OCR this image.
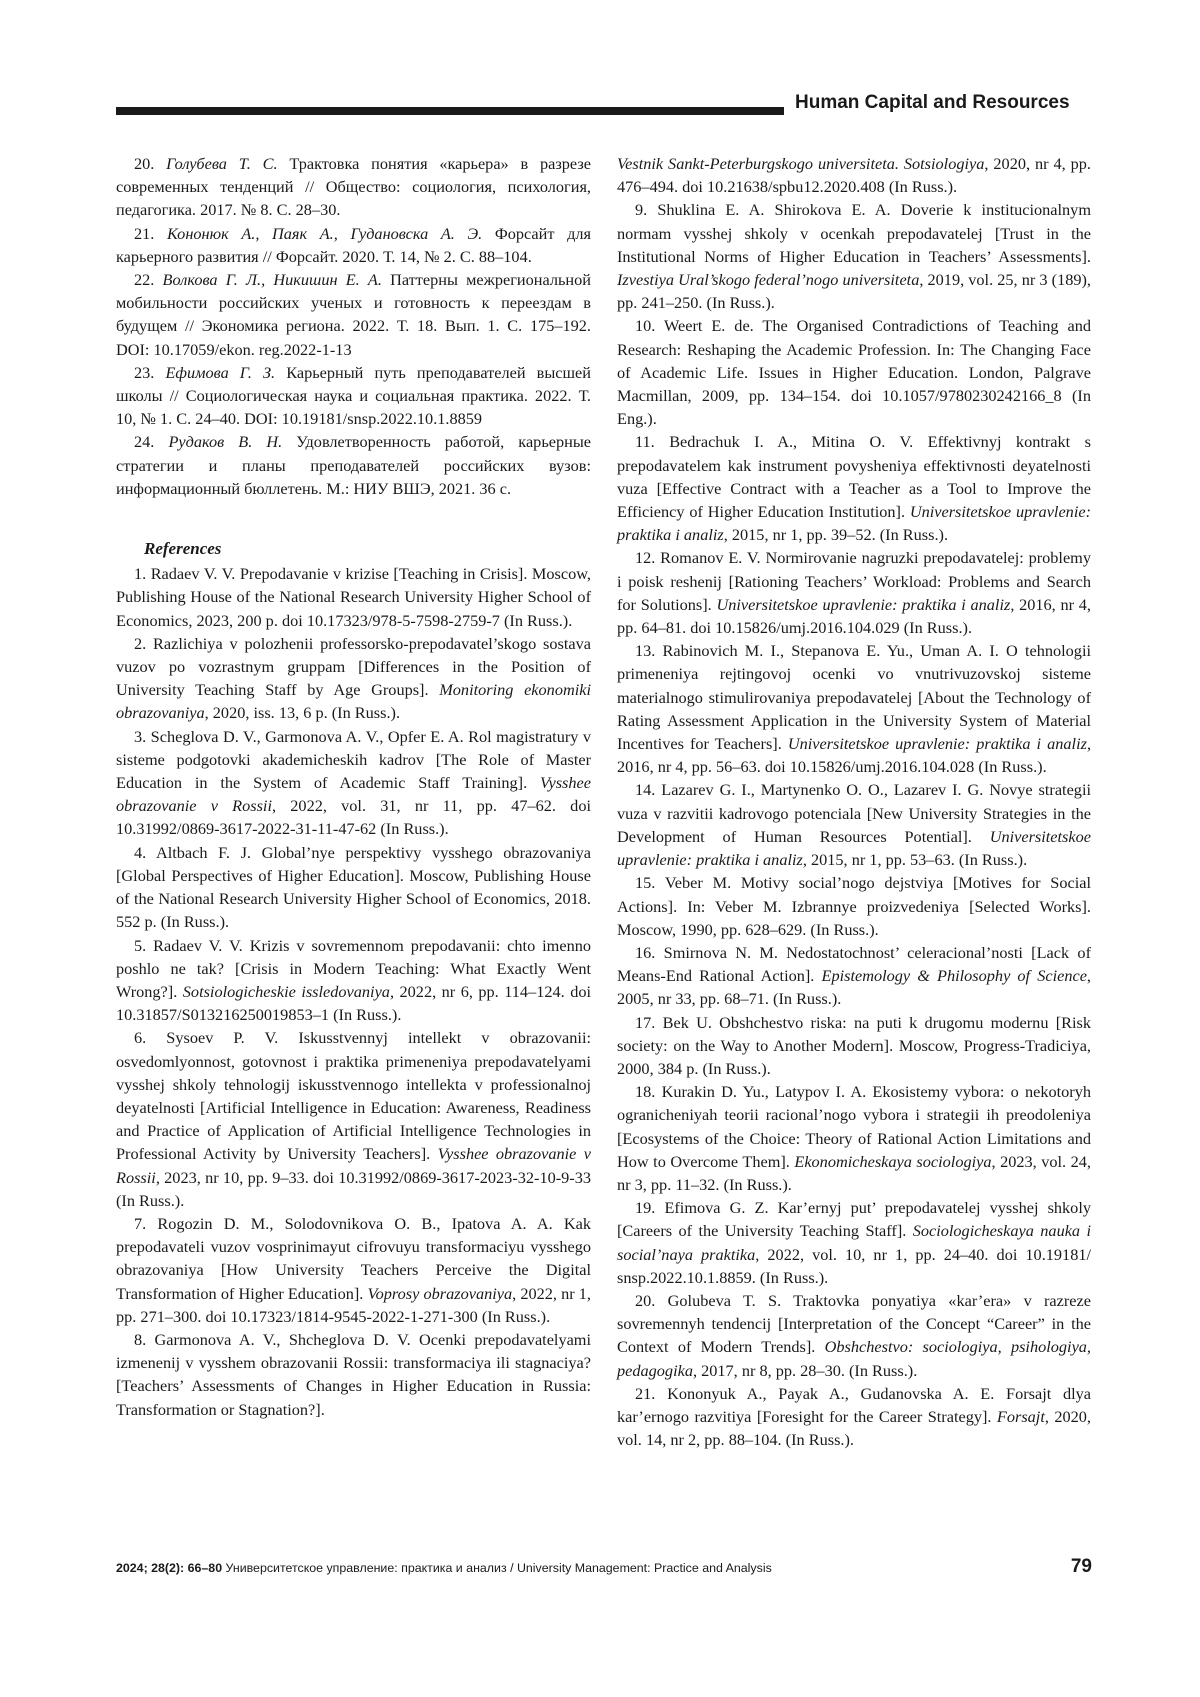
Human Capital and Resources

20. Голубева Т. С. Трактовка понятия «карьера» в разрезе современных тенденций // Общество: социология, психология, педагогика. 2017. № 8. С. 28–30.

21. Кононюк А., Паяк А., Гудановска А. Э. Форсайт для карьерного развития // Форсайт. 2020. Т. 14, № 2. С. 88–104.

22. Волкова Г. Л., Никишин Е. А. Паттерны межрегиональной мобильности российских ученых и готовность к переездам в будущем // Экономика региона. 2022. Т. 18. Вып. 1. С. 175–192. DOI: 10.17059/ekon. reg.2022-1-13

23. Ефимова Г. З. Карьерный путь преподавателей высшей школы // Социологическая наука и социальная практика. 2022. Т. 10, № 1. С. 24–40. DOI: 10.19181/snsp.2022.10.1.8859

24. Рудаков В. Н. Удовлетворенность работой, карьерные стратегии и планы преподавателей российских вузов: информационный бюллетень. М.: НИУ ВШЭ, 2021. 36 с.

References

1. Radaev V. V. Prepodavanie v krizise [Teaching in Crisis]. Moscow, Publishing House of the National Research University Higher School of Economics, 2023, 200 p. doi 10.17323/978-5-7598-2759-7 (In Russ.).

2. Razlichiya v polozhenii professorsko-prepodavatel’skogo sostava vuzov po vozrastnym gruppam [Differences in the Position of University Teaching Staff by Age Groups]. Monitoring ekonomiki obrazovaniya, 2020, iss. 13, 6 p. (In Russ.).

3. Scheglova D. V., Garmonova A. V., Opfer E. A. Rol magistratury v sisteme podgotovki akademicheskih kadrov [The Role of Master Education in the System of Academic Staff Training]. Vysshee obrazovanie v Rossii, 2022, vol. 31, nr 11, pp. 47–62. doi 10.31992/0869-3617-2022-31-11-47-62 (In Russ.).

4. Altbach F. J. Global’nye perspektivy vysshego obrazovaniya [Global Perspectives of Higher Education]. Moscow, Publishing House of the National Research University Higher School of Economics, 2018. 552 p. (In Russ.).

5. Radaev V. V. Krizis v sovremennom prepodavanii: chto imenno poshlo ne tak? [Crisis in Modern Teaching: What Exactly Went Wrong?]. Sotsiologicheskie issledovaniya, 2022, nr 6, pp. 114–124. doi 10.31857/S013216250019853–1 (In Russ.).

6. Sysoev P. V. Iskusstvennyj intellekt v obrazovanii: osvedomlyonnost, gotovnost i praktika primeneniya prepodavatelyami vysshej shkoly tehnologij iskusstvennogo intellekta v professionalnoj deyatelnosti [Artificial Intelligence in Education: Awareness, Readiness and Practice of Application of Artificial Intelligence Technologies in Professional Activity by University Teachers]. Vysshee obrazovanie v Rossii, 2023, nr 10, pp. 9–33. doi 10.31992/0869-3617-2023-32-10-9-33 (In Russ.).

7. Rogozin D. M., Solodovnikova O. B., Ipatova A. A. Kak prepodavateli vuzov vosprinimayut cifrovuyu transformaciyu vysshego obrazovaniya [How University Teachers Perceive the Digital Transformation of Higher Education]. Voprosy obrazovaniya, 2022, nr 1, pp. 271–300. doi 10.17323/1814-9545-2022-1-271-300 (In Russ.).

8. Garmonova A. V., Shcheglova D. V. Ocenki prepodavatelyami izmenenij v vysshem obrazovanii Rossii: transformaciya ili stagnaciya? [Teachers’ Assessments of Changes in Higher Education in Russia: Transformation or Stagnation?].

Vestnik Sankt-Peterburgskogo universiteta. Sotsiologiya, 2020, nr 4, pp. 476–494. doi 10.21638/spbu12.2020.408 (In Russ.).

9. Shuklina E. A. Shirokova E. A. Doverie k institucionalnym normam vysshej shkoly v ocenkah prepodavatelej [Trust in the Institutional Norms of Higher Education in Teachers’ Assessments]. Izvestiya Ural’skogo federal’nogo universiteta, 2019, vol. 25, nr 3 (189), pp. 241–250. (In Russ.).

10. Weert E. de. The Organised Contradictions of Teaching and Research: Reshaping the Academic Profession. In: The Changing Face of Academic Life. Issues in Higher Education. London, Palgrave Macmillan, 2009, pp. 134–154. doi 10.1057/9780230242166_8 (In Eng.).

11. Bedrachuk I. A., Mitina O. V. Effektivnyj kontrakt s prepodavatelem kak instrument povysheniya effektivnosti deyatelnosti vuza [Effective Contract with a Teacher as a Tool to Improve the Efficiency of Higher Education Institution]. Universitetskoe upravlenie: praktika i analiz, 2015, nr 1, pp. 39–52. (In Russ.).

12. Romanov E. V. Normirovanie nagruzki prepodavatelej: problemy i poisk reshenij [Rationing Teachers’ Workload: Problems and Search for Solutions]. Universitetskoe upravlenie: praktika i analiz, 2016, nr 4, pp. 64–81. doi 10.15826/umj.2016.104.029 (In Russ.).

13. Rabinovich M. I., Stepanova E. Yu., Uman A. I. O tehnologii primeneniya rejtingovoj ocenki vo vnutrivuzovskoj sisteme materialnogo stimulirovaniya prepodavatelej [About the Technology of Rating Assessment Application in the University System of Material Incentives for Teachers]. Universitetskoe upravlenie: praktika i analiz, 2016, nr 4, pp. 56–63. doi 10.15826/umj.2016.104.028 (In Russ.).

14. Lazarev G. I., Martynenko O. O., Lazarev I. G. Novye strategii vuza v razvitii kadrovogo potenciala [New University Strategies in the Development of Human Resources Potential]. Universitetskoe upravlenie: praktika i analiz, 2015, nr 1, pp. 53–63. (In Russ.).

15. Veber M. Motivy social’nogo dejstviya [Motives for Social Actions]. In: Veber M. Izbrannye proizvedeniya [Selected Works]. Moscow, 1990, pp. 628–629. (In Russ.).

16. Smirnova N. M. Nedostatochnost’ celeracional’nosti [Lack of Means-End Rational Action]. Epistemology & Philosophy of Science, 2005, nr 33, pp. 68–71. (In Russ.).

17. Bek U. Obshchestvo riska: na puti k drugomu modernu [Risk society: on the Way to Another Modern]. Moscow, Progress-Tradiciya, 2000, 384 p. (In Russ.).

18. Kurakin D. Yu., Latypov I. A. Ekosistemy vybora: o nekotoryh ogranicheniyah teorii racional’nogo vybora i strategii ih preodoleniya [Ecosystems of the Choice: Theory of Rational Action Limitations and How to Overcome Them]. Ekonomicheskaya sociologiya, 2023, vol. 24, nr 3, pp. 11–32. (In Russ.).

19. Efimova G. Z. Kar’ernyj put’ prepodavatelej vysshej shkoly [Careers of the University Teaching Staff]. Sociologicheskaya nauka i social’naya praktika, 2022, vol. 10, nr 1, pp. 24–40. doi 10.19181/ snsp.2022.10.1.8859. (In Russ.).

20. Golubeva T. S. Traktovka ponyatiya «kar’era» v razreze sovremennyh tendencij [Interpretation of the Concept “Career” in the Context of Modern Trends]. Obshchestvo: sociologiya, psihologiya, pedagogika, 2017, nr 8, pp. 28–30. (In Russ.).

21. Kononyuk A., Payak A., Gudanovska A. E. Forsajt dlya kar’ernogo razvitiya [Foresight for the Career Strategy]. Forsajt, 2020, vol. 14, nr 2, pp. 88–104. (In Russ.).

2024; 28(2): 66–80 Университетское управление: практика и анализ / University Management: Practice and Analysis	79
